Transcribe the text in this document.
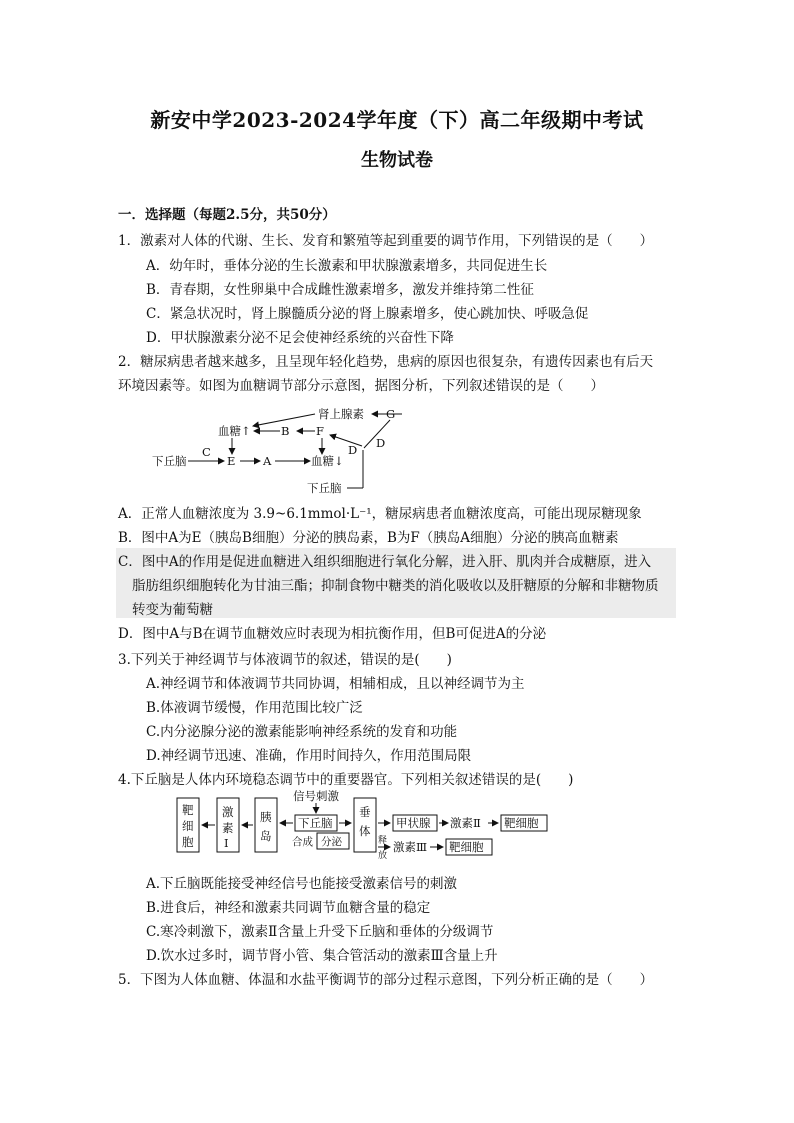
新安中学2023-2024学年度（下）高二年级期中考试
生物试卷
一．选择题（每题2.5分，共50分）
1．激素对人体的代谢、生长、发育和繁殖等起到重要的调节作用，下列错误的是（　　）
A．幼年时，垂体分泌的生长激素和甲状腺激素增多，共同促进生长
B．青春期，女性卵巢中合成雌性激素增多，激发并维持第二性征
C．紧急状况时，肾上腺髓质分泌的肾上腺素增多，使心跳加快、呼吸急促
D．甲状腺激素分泌不足会使神经系统的兴奋性下降
2．糖尿病患者越来越多，且呈现年轻化趋势，患病的原因也很复杂，有遗传因素也有后天
环境因素等。如图为血糖调节部分示意图，据图分析，下列叙述错误的是（　　）
肾上腺素 G
血糖↑	B F
D
D
C
下丘脑	E A	血糖↓
下丘脑
A．正常人血糖浓度为 3.9~6.1mmol·L⁻¹，糖尿病患者血糖浓度高，可能出现尿糖现象
B．图中A为E（胰岛B细胞）分泌的胰岛素，B为F（胰岛A细胞）分泌的胰高血糖素
C．图中A的作用是促进血糖进入组织细胞进行氧化分解，进入肝、肌肉并合成糖原，进入
脂肪组织细胞转化为甘油三酯；抑制食物中糖类的消化吸收以及肝糖原的分解和非糖物质
转变为葡萄糖
D．图中A与B在调节血糖效应时表现为相抗衡作用，但B可促进A的分泌
3.下列关于神经调节与体液调节的叙述，错误的是(　　)
A.神经调节和体液调节共同协调，相辅相成，且以神经调节为主
B.体液调节缓慢，作用范围比较广泛
C.内分泌腺分泌的激素能影响神经系统的发育和功能
D.神经调节迅速、准确，作用时间持久，作用范围局限
4.下丘脑是人体内环境稳态调节中的重要器官。下列相关叙述错误的是(　　)
靶
细
胞
激
素
Ⅰ
胰
岛
信号刺激
下丘脑
合成 分泌
垂
体
释
放
甲状腺 激素Ⅱ 靶细胞
激素Ⅲ 靶细胞
A.下丘脑既能接受神经信号也能接受激素信号的刺激
B.进食后，神经和激素共同调节血糖含量的稳定
C.寒冷刺激下，激素Ⅱ含量上升受下丘脑和垂体的分级调节
D.饮水过多时，调节肾小管、集合管活动的激素Ⅲ含量上升
5．下图为人体血糖、体温和水盐平衡调节的部分过程示意图，下列分析正确的是（　　）
